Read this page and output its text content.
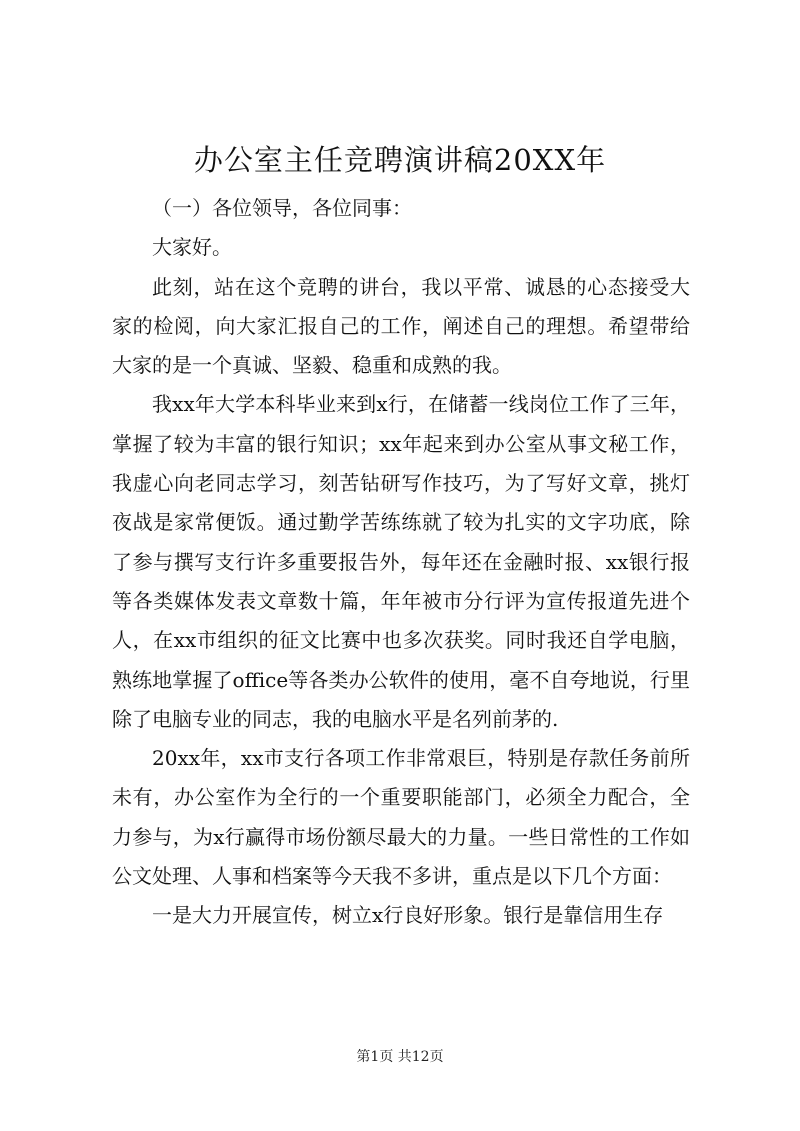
办公室主任竞聘演讲稿20XX年

（一）各位领导，各位同事：

大家好。

此刻，站在这个竞聘的讲台，我以平常、诚恳的心态接受大家的检阅，向大家汇报自己的工作，阐述自己的理想。希望带给大家的是一个真诚、坚毅、稳重和成熟的我。

我xx年大学本科毕业来到x行，在储蓄一线岗位工作了三年，掌握了较为丰富的银行知识；xx年起来到办公室从事文秘工作，我虚心向老同志学习，刻苦钻研写作技巧，为了写好文章，挑灯夜战是家常便饭。通过勤学苦练练就了较为扎实的文字功底，除了参与撰写支行许多重要报告外，每年还在金融时报、xx银行报等各类媒体发表文章数十篇，年年被市分行评为宣传报道先进个人，在xx市组织的征文比赛中也多次获奖。同时我还自学电脑，熟练地掌握了office等各类办公软件的使用，毫不自夸地说，行里除了电脑专业的同志，我的电脑水平是名列前茅的.

20xx年，xx市支行各项工作非常艰巨，特别是存款任务前所未有，办公室作为全行的一个重要职能部门，必须全力配合，全力参与，为x行赢得市场份额尽最大的力量。一些日常性的工作如公文处理、人事和档案等今天我不多讲，重点是以下几个方面：

一是大力开展宣传，树立x行良好形象。银行是靠信用生存

第1页 共12页
